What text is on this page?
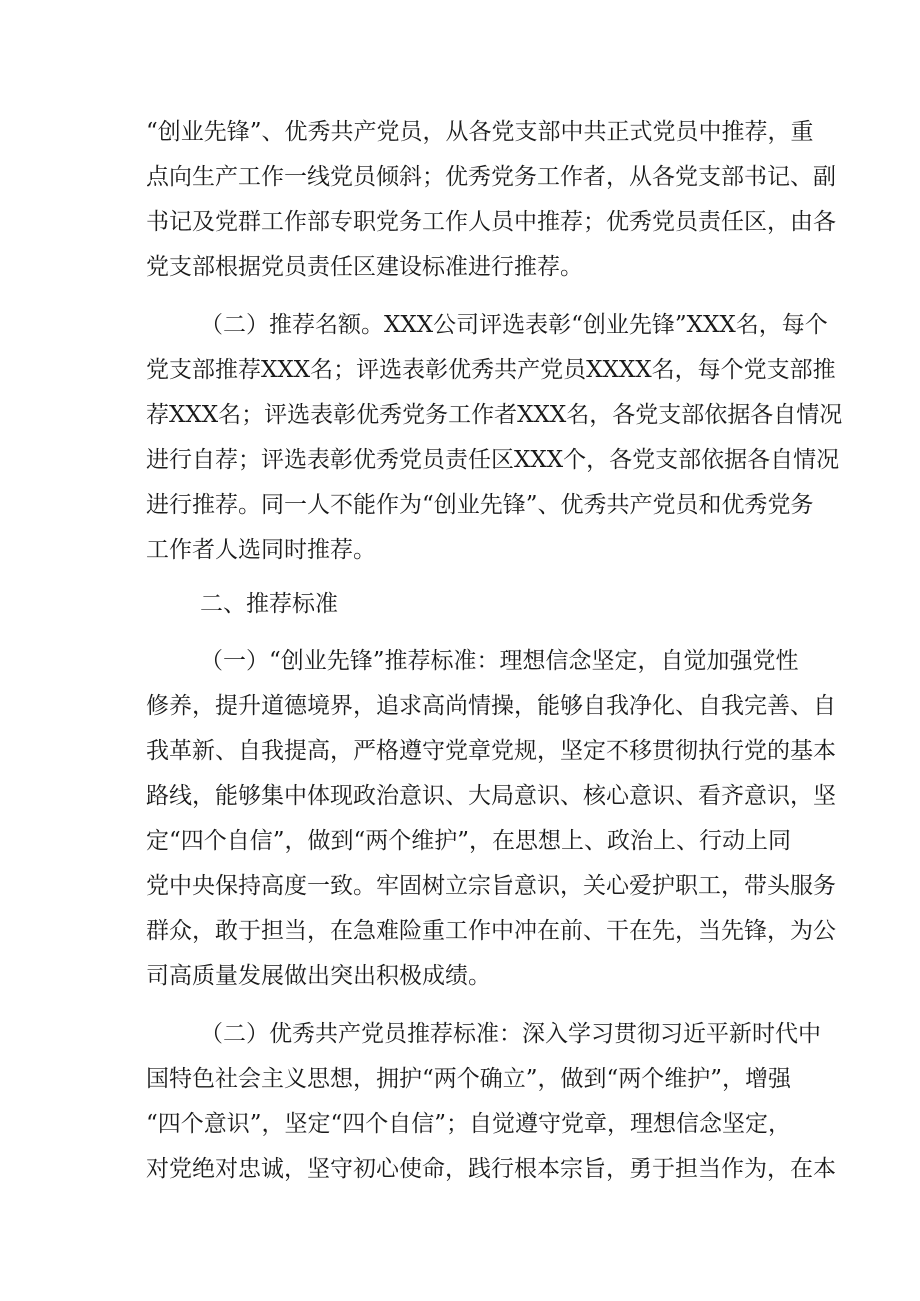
“创业先锋”、优秀共产党员，从各党支部中共正式党员中推荐，重
点向生产工作一线党员倾斜；优秀党务工作者，从各党支部书记、副
书记及党群工作部专职党务工作人员中推荐；优秀党员责任区，由各
党支部根据党员责任区建设标准进行推荐。
（二）推荐名额。XXX公司评选表彰“创业先锋”XXX名，每个
党支部推荐XXX名；评选表彰优秀共产党员XXXX名，每个党支部推
荐XXX名；评选表彰优秀党务工作者XXX名，各党支部依据各自情况
进行自荐；评选表彰优秀党员责任区XXX个，各党支部依据各自情况
进行推荐。同一人不能作为“创业先锋”、优秀共产党员和优秀党务
工作者人选同时推荐。
二、推荐标准
（一）“创业先锋”推荐标准：理想信念坚定，自觉加强党性
修养，提升道德境界，追求高尚情操，能够自我净化、自我完善、自
我革新、自我提高，严格遵守党章党规，坚定不移贯彻执行党的基本
路线，能够集中体现政治意识、大局意识、核心意识、看齐意识，坚
定“四个自信”，做到“两个维护”，在思想上、政治上、行动上同
党中央保持高度一致。牢固树立宗旨意识，关心爱护职工，带头服务
群众，敢于担当，在急难险重工作中冲在前、干在先，当先锋，为公
司高质量发展做出突出积极成绩。
（二）优秀共产党员推荐标准：深入学习贯彻习近平新时代中
国特色社会主义思想，拥护“两个确立”，做到“两个维护”，增强
“四个意识”，坚定“四个自信”；自觉遵守党章，理想信念坚定，
对党绝对忠诚，坚守初心使命，践行根本宗旨，勇于担当作为，在本
